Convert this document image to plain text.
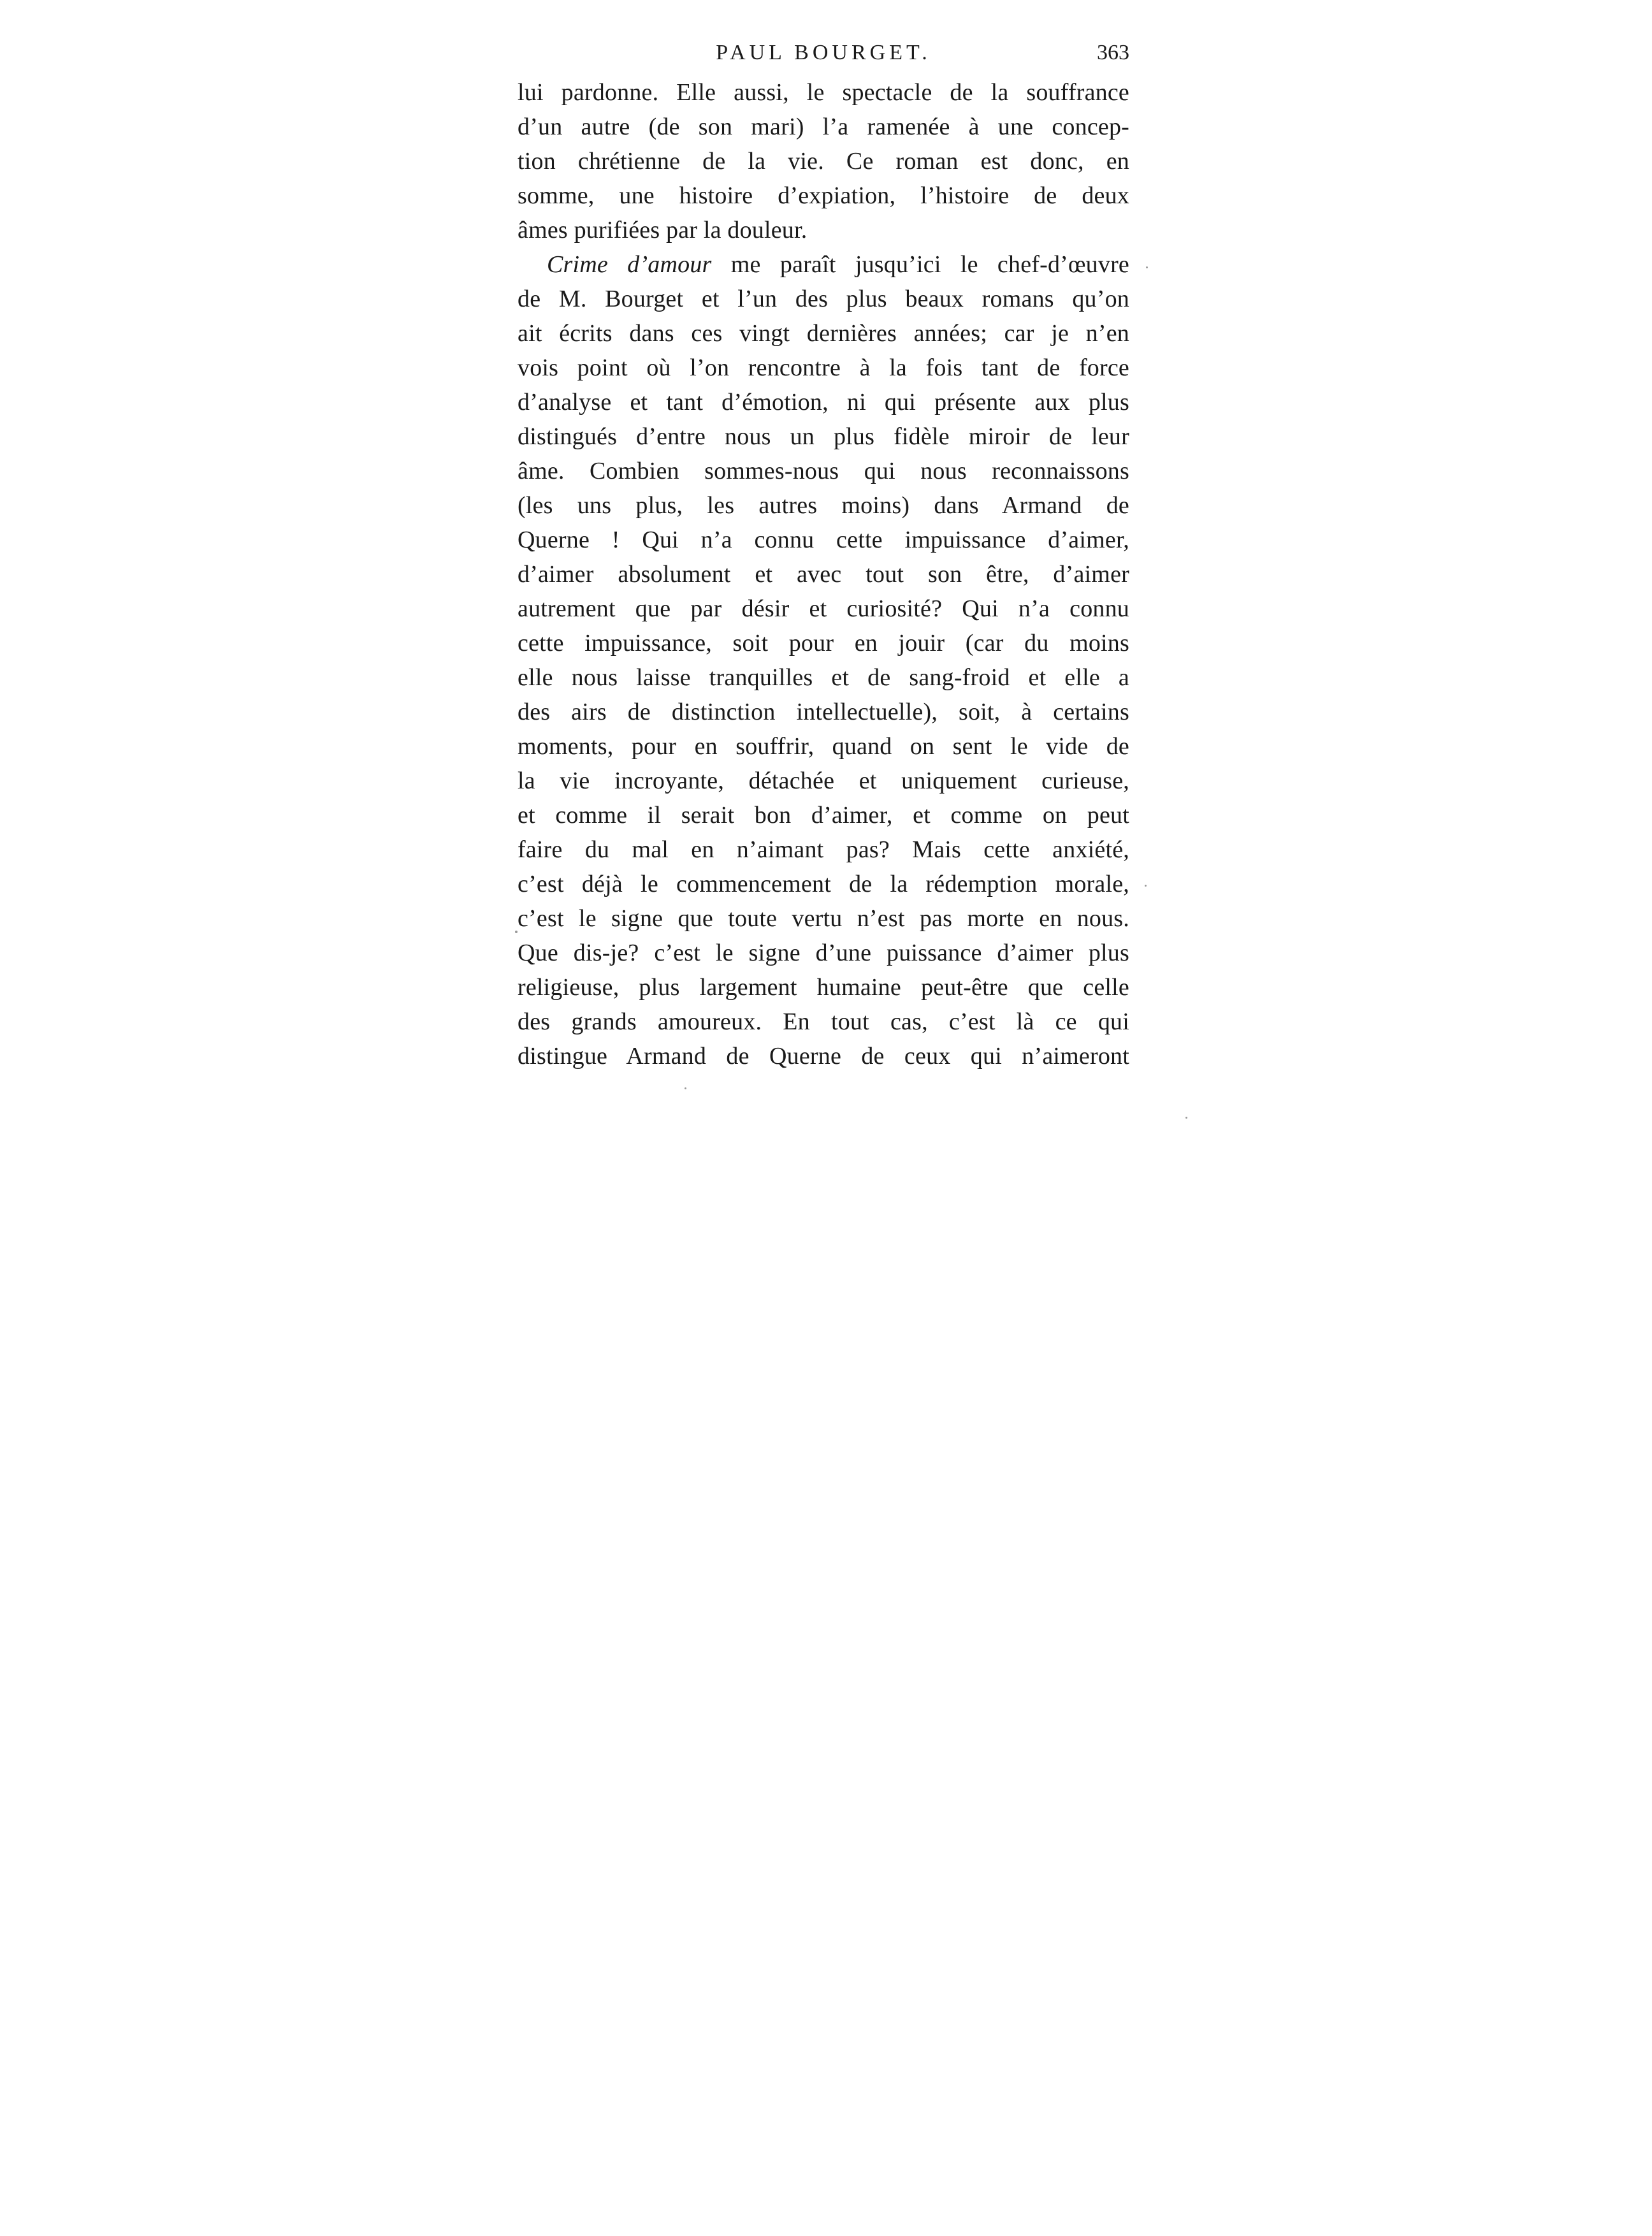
PAUL BOURGET.	363
lui pardonne. Elle aussi, le spectacle de la souffrance
d’un autre (de son mari) l’a ramenée à une concep-
tion chrétienne de la vie. Ce roman est donc, en
somme, une histoire d’expiation, l’histoire de deux
âmes purifiées par la douleur.
Crime d’amour me paraît jusqu’ici le chef-d’œuvre
de M. Bourget et l’un des plus beaux romans qu’on
ait écrits dans ces vingt dernières années; car je n’en
vois point où l’on rencontre à la fois tant de force
d’analyse et tant d’émotion, ni qui présente aux plus
distingués d’entre nous un plus fidèle miroir de leur
âme. Combien sommes-nous qui nous reconnaissons
(les uns plus, les autres moins) dans Armand de
Querne ! Qui n’a connu cette impuissance d’aimer,
d’aimer absolument et avec tout son être, d’aimer
autrement que par désir et curiosité? Qui n’a connu
cette impuissance, soit pour en jouir (car du moins
elle nous laisse tranquilles et de sang-froid et elle a
des airs de distinction intellectuelle), soit, à certains
moments, pour en souffrir, quand on sent le vide de
la vie incroyante, détachée et uniquement curieuse,
et comme il serait bon d’aimer, et comme on peut
faire du mal en n’aimant pas? Mais cette anxiété,
c’est déjà le commencement de la rédemption morale,
c’est le signe que toute vertu n’est pas morte en nous.
Que dis-je? c’est le signe d’une puissance d’aimer plus
religieuse, plus largement humaine peut-être que celle
des grands amoureux. En tout cas, c’est là ce qui
distingue Armand de Querne de ceux qui n’aimeront
